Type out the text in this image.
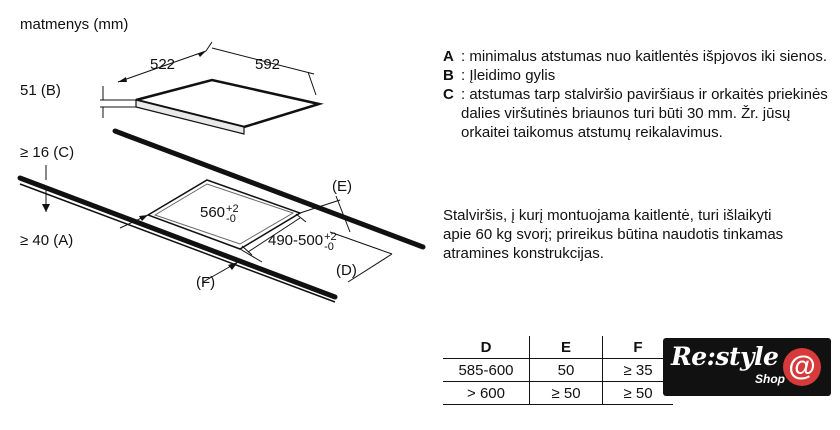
matmenys (mm)
522	592
51 (B)
≥ 16 (C)
≥ 40 (A)
560+2
-0
490-500+2
-0
(E)
(D)
(F)
A : minimalus atstumas nuo kaitlentės išpjovos iki sienos.
B : Įleidimo gylis
C : atstumas tarp stalviršio paviršiaus ir orkaitės priekinės dalies viršutinės briaunos turi būti 30 mm. Žr. jūsų orkaitei taikomus atstumų reikalavimus.
Stalviršis, į kurį montuojama kaitlentė, turi išlaikyti apie 60 kg svorį; prireikus būtina naudotis tinkamas atramines konstrukcijas.
D	E	F
585-600	50	≥ 35
> 600	≥ 50	≥ 50
Re:style @
Shop
